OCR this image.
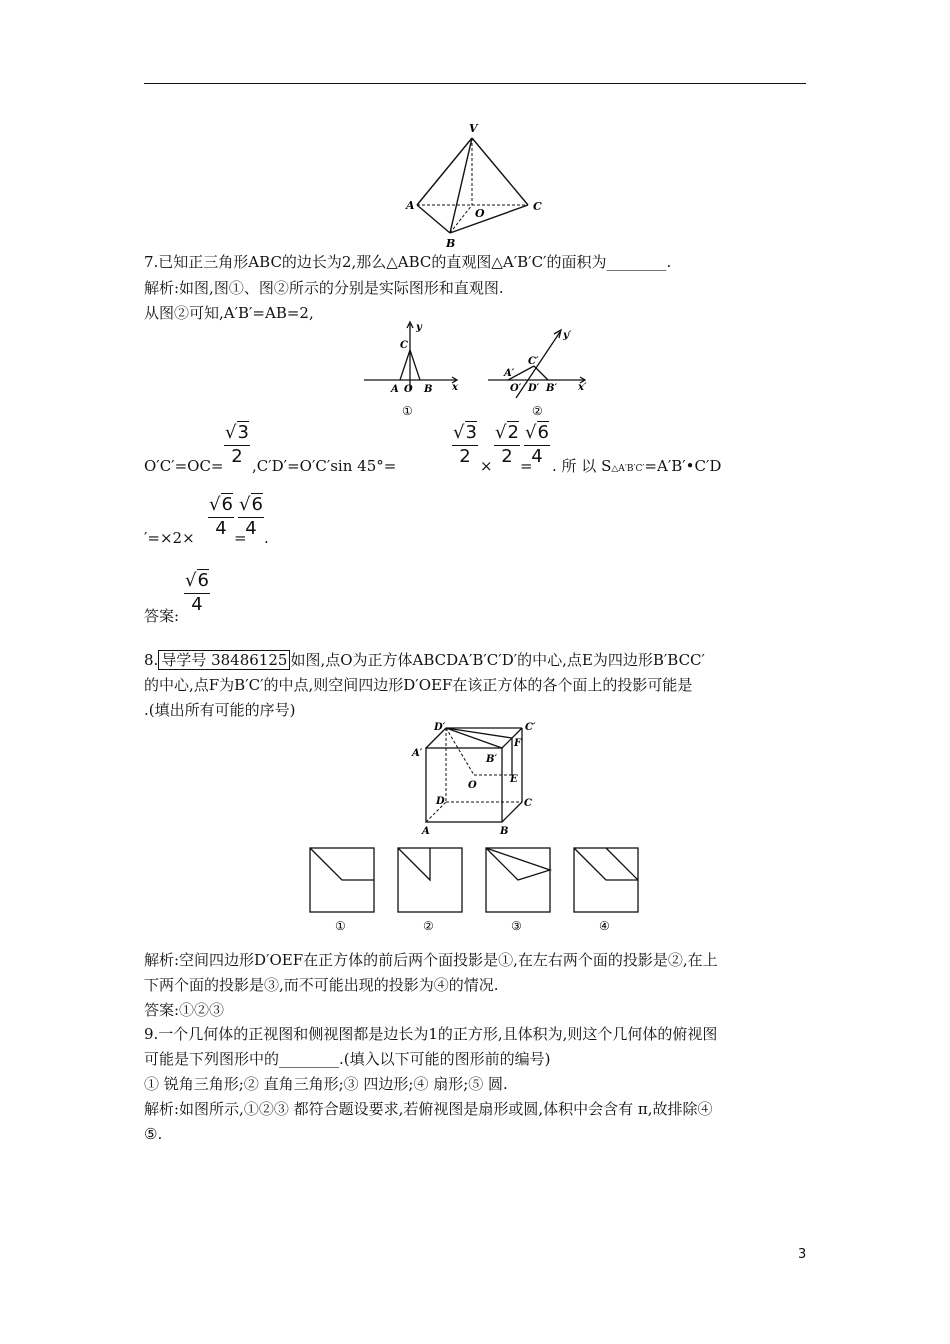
V
A
O
C
B
7.已知正三角形ABC的边长为2,那么△ABC的直观图△A′B′C′的面积为________.
解析:如图,图①、图②所示的分别是实际图形和直观图.
从图②可知,A′B′=AB=2,
y
C
A O B x
①
y′
C′
A′
O′ D′ B′ x′
②
$O'C'=OC= \frac{√3}{2} ,C'D'=O'C'\sin$ 45°=	$\frac{√3}{2} \times \frac{√2}{2}$ =
$\frac{√6}{4}$ . 所 以 S△A′B′C′=A′B′•C′D
$'=\times 2\times \frac{√6}{4}$ =
$\frac{√6}{4}$ .
答案: $\frac{√6}{4}$
8. 导学号 38486125 如图,点O为正方体ABCDA′B′C′D′的中心,点E为四边形B′BCC′
的中心,点F为B′C′的中点,则空间四边形D′OEF在该正方体的各个面上的投影可能是
.(填出所有可能的序号)
D′	C′
A′
F
B′
E
O
D	C
A	B
①	②	③	④
解析:空间四边形D′OEF在正方体的前后两个面投影是①,在左右两个面的投影是②,在上
下两个面的投影是③,而不可能出现的投影为④的情况.
答案:①②③
9.一个几何体的正视图和侧视图都是边长为1的正方形,且体积为,则这个几何体的俯视图
可能是下列图形中的________.(填入以下可能的图形前的编号)
① 锐角三角形;② 直角三角形;③ 四边形;④ 扇形;⑤ 圆.
解析:如图所示,①②③ 都符合题设要求,若俯视图是扇形或圆,体积中会含有 π,故排除④
⑤.
3
